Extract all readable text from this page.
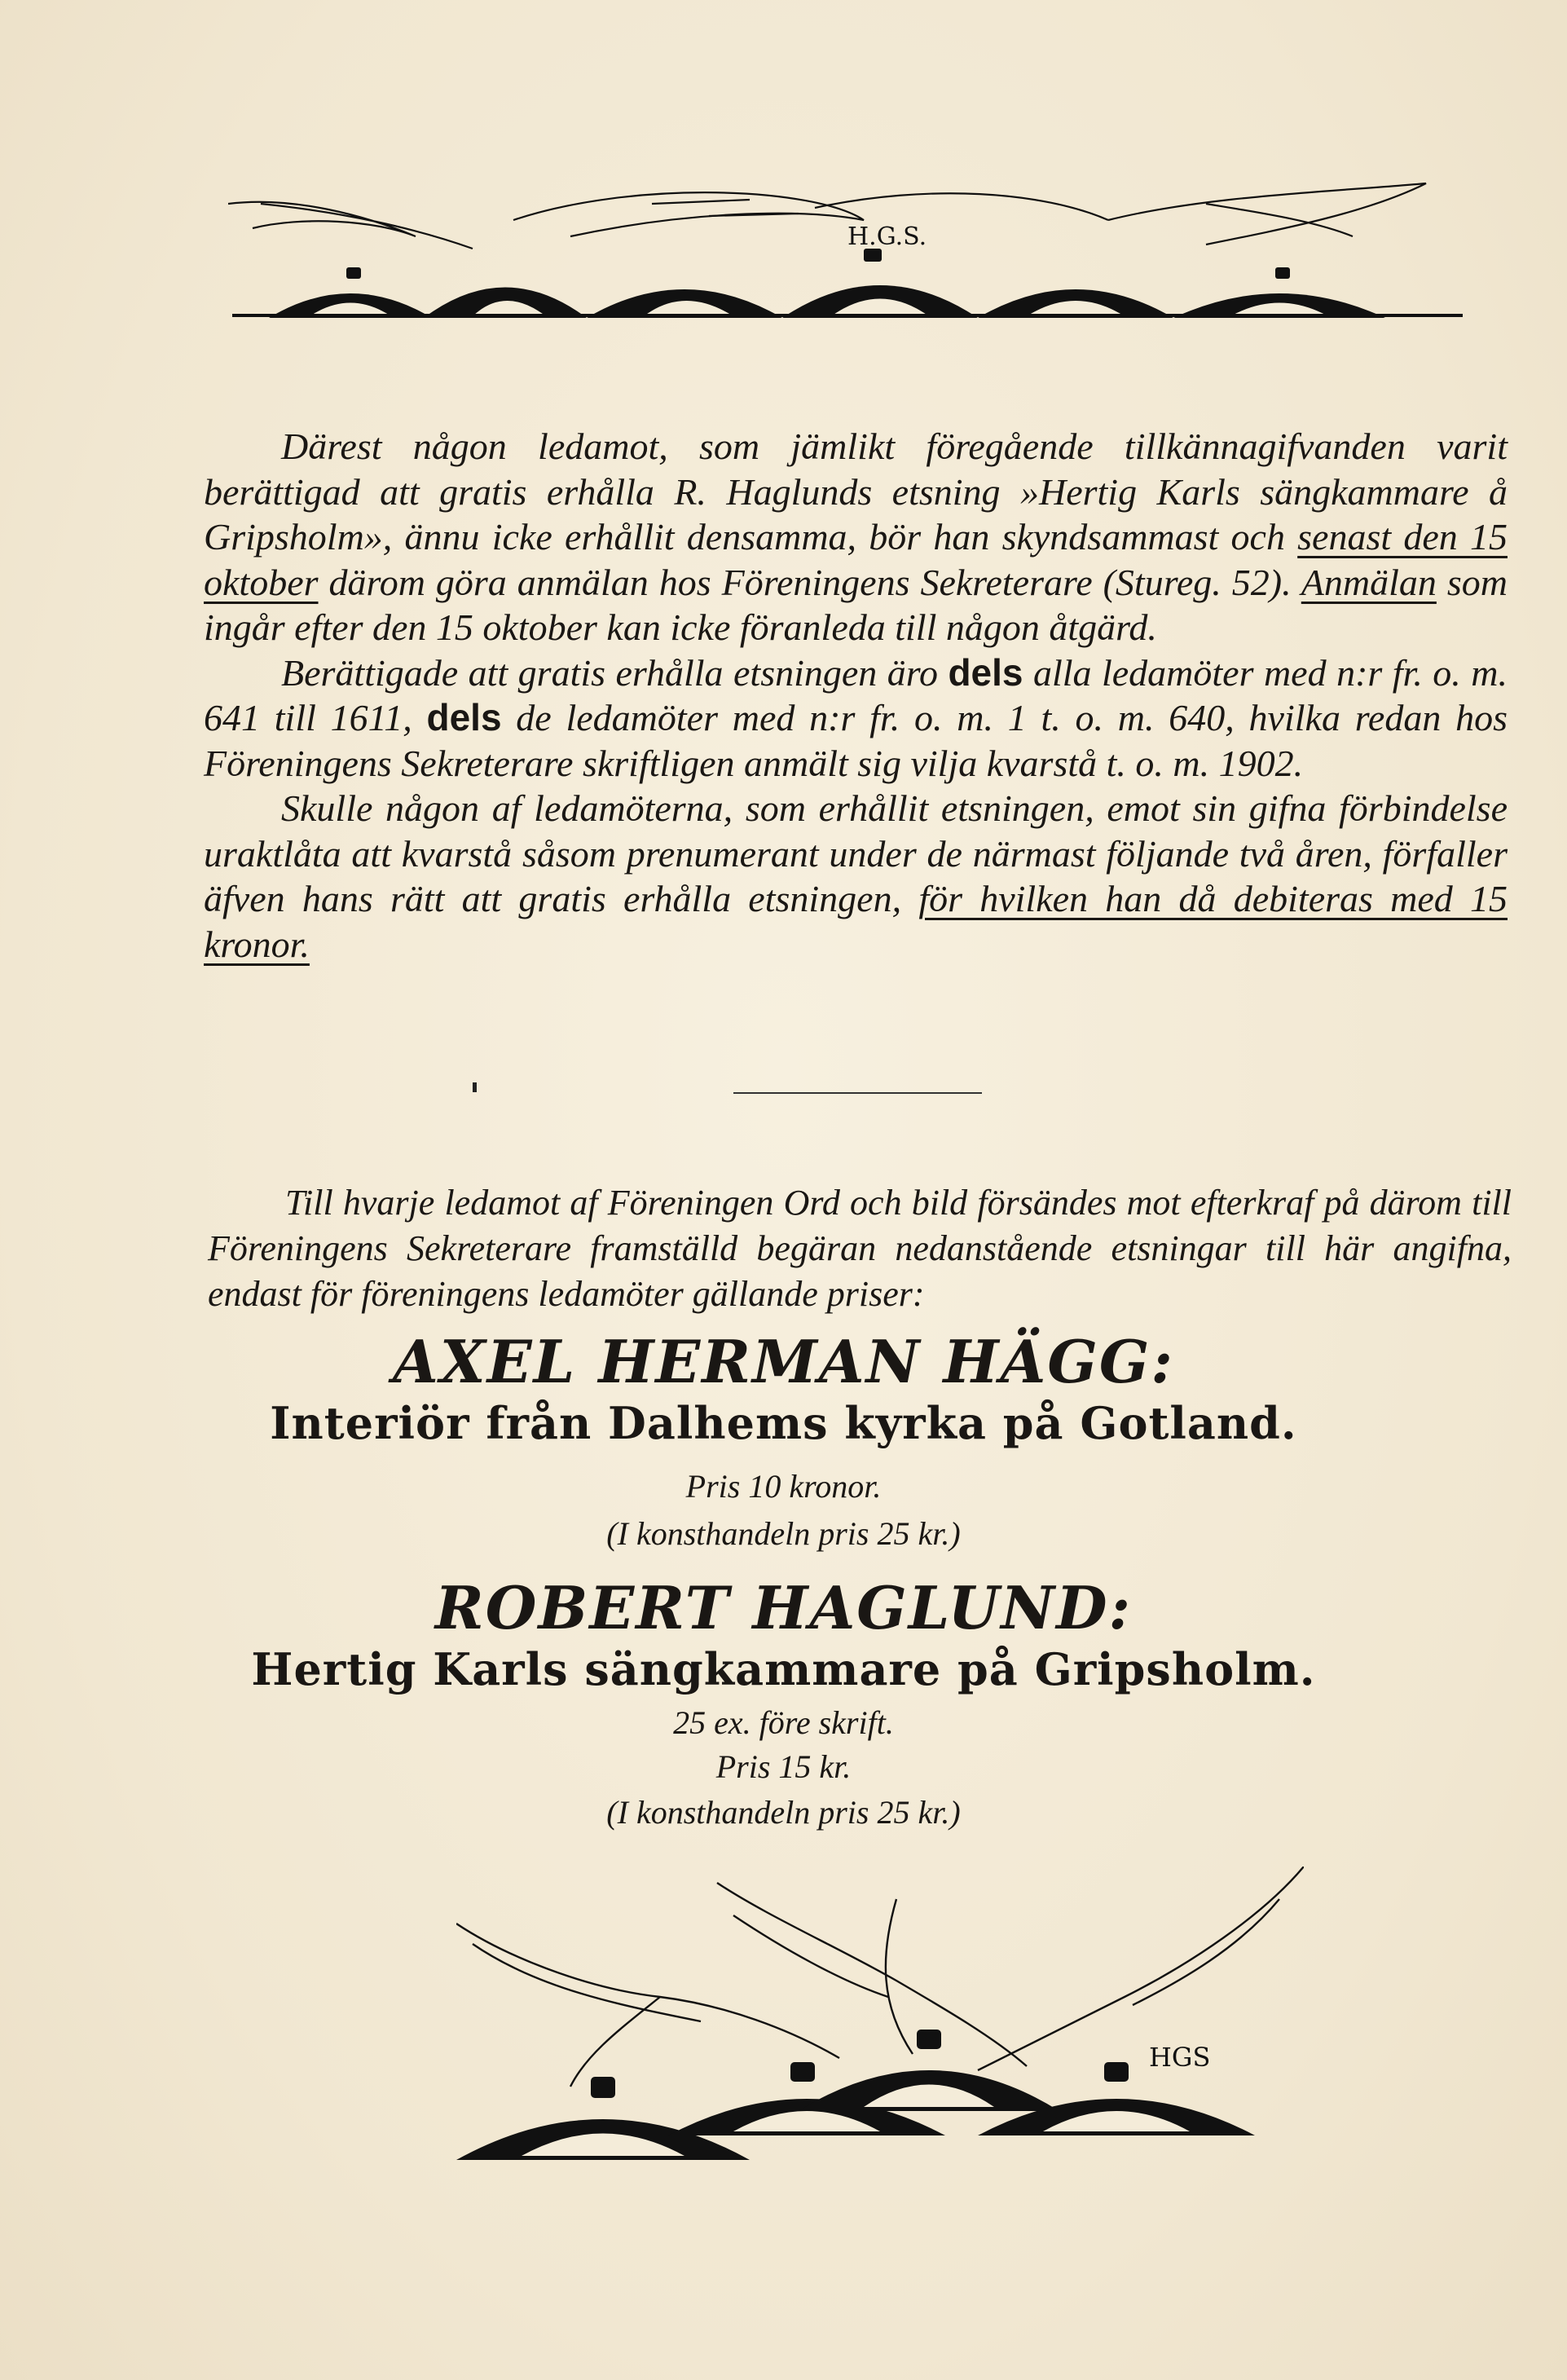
H.G.S.

Därest någon ledamot, som jämlikt föregående tillkännagifvanden varit berättigad att gratis erhålla R. Haglunds etsning »Hertig Karls sängkammare å Gripsholm», ännu icke erhållit densamma, bör han skyndsammast och senast den 15 oktober därom göra anmälan hos Föreningens Sekreterare (Stureg. 52). Anmälan som ingår efter den 15 oktober kan icke föranleda till någon åtgärd.

Berättigade att gratis erhålla etsningen äro dels alla ledamöter med n:r fr. o. m. 641 till 1611, dels de ledamöter med n:r fr. o. m. 1 t. o. m. 640, hvilka redan hos Föreningens Sekreterare skriftligen anmält sig vilja kvarstå t. o. m. 1902.

Skulle någon af ledamöterna, som erhållit etsningen, emot sin gifna förbindelse uraktlåta att kvarstå såsom prenumerant under de närmast följande två åren, förfaller äfven hans rätt att gratis erhålla etsningen, för hvilken han då debiteras med 15 kronor.

Till hvarje ledamot af Föreningen Ord och bild försändes mot efterkraf på därom till Föreningens Sekreterare framställd begäran nedanstående etsningar till här angifna, endast för föreningens ledamöter gällande priser:

AXEL HERMAN HÄGG:
Interiör från Dalhems kyrka på Gotland.
Pris 10 kronor.
(I konsthandeln pris 25 kr.)
ROBERT HAGLUND:
Hertig Karls sängkammare på Gripsholm.
25 ex. före skrift.
Pris 15 kr.
(I konsthandeln pris 25 kr.)
HGS
